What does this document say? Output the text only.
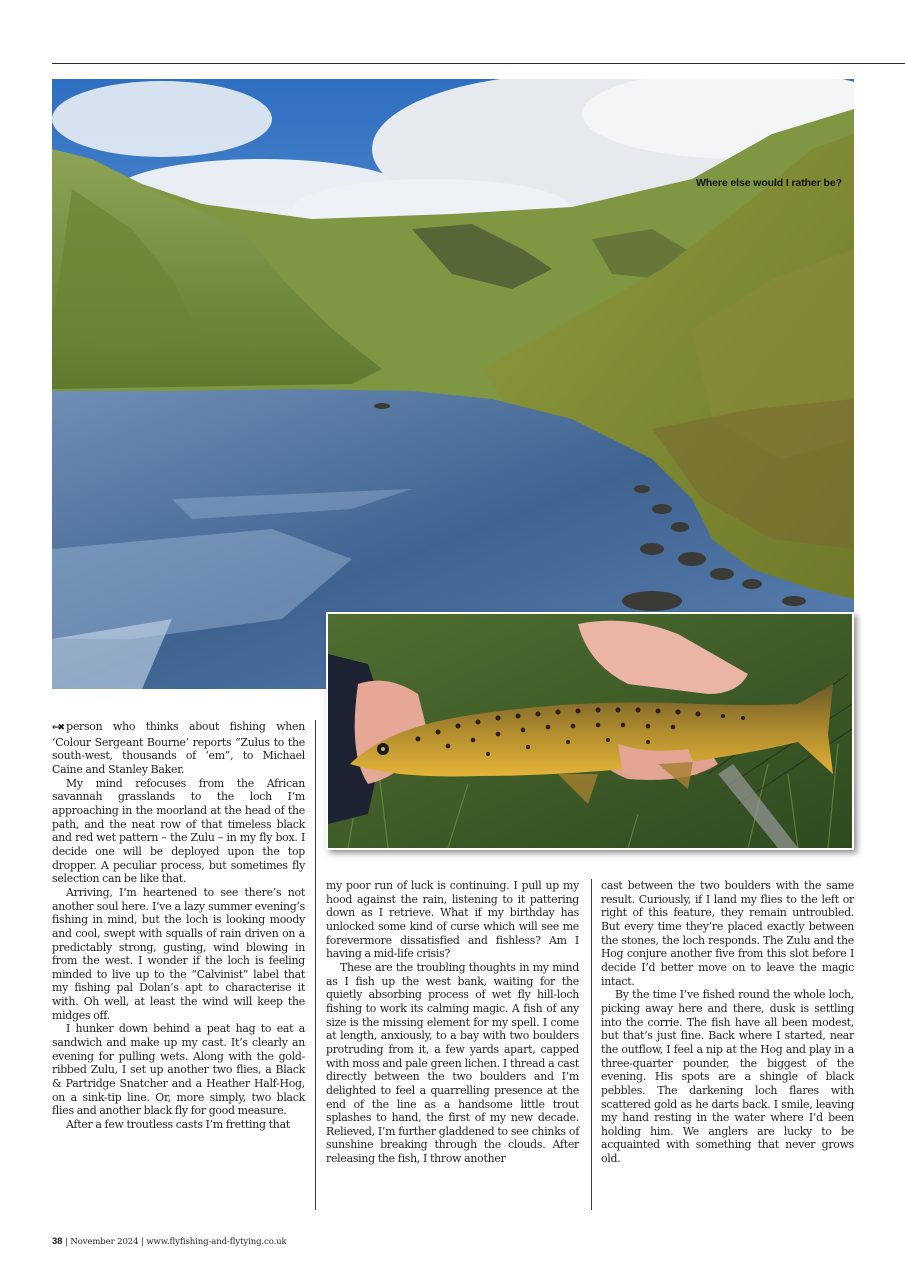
Where else would I rather be?

←✖ person who thinks about fishing when ‘Colour Sergeant Bourne’ reports “Zulus to the south-west, thousands of ‘em”, to Michael Caine and Stanley Baker.

My mind refocuses from the African savannah grasslands to the loch I’m approaching in the moorland at the head of the path, and the neat row of that timeless black and red wet pattern – the Zulu – in my fly box. I decide one will be deployed upon the top dropper. A peculiar process, but sometimes fly selection can be like that.

Arriving, I’m heartened to see there’s not another soul here. I’ve a lazy summer evening’s fishing in mind, but the loch is looking moody and cool, swept with squalls of rain driven on a predictably strong, gusting, wind blowing in from the west. I wonder if the loch is feeling minded to live up to the “Calvinist” label that my fishing pal Dolan’s apt to characterise it with. Oh well, at least the wind will keep the midges off.

I hunker down behind a peat hag to eat a sandwich and make up my cast. It’s clearly an evening for pulling wets. Along with the gold-ribbed Zulu, I set up another two flies, a Black & Partridge Snatcher and a Heather Half-Hog, on a sink-tip line. Or, more simply, two black flies and another black fly for good measure.

After a few troutless casts I’m fretting that

my poor run of luck is continuing. I pull up my hood against the rain, listening to it pattering down as I retrieve. What if my birthday has unlocked some kind of curse which will see me forevermore dissatisfied and fishless? Am I having a mid-life crisis?

These are the troubling thoughts in my mind as I fish up the west bank, waiting for the quietly absorbing process of wet fly hill-loch fishing to work its calming magic. A fish of any size is the missing element for my spell. I come at length, anxiously, to a bay with two boulders protruding from it, a few yards apart, capped with moss and pale green lichen. I thread a cast directly between the two boulders and I’m delighted to feel a quarrelling presence at the end of the line as a handsome little trout splashes to hand, the first of my new decade. Relieved, I’m further gladdened to see chinks of sunshine breaking through the clouds. After releasing the fish, I throw another

cast between the two boulders with the same result. Curiously, if I land my flies to the left or right of this feature, they remain untroubled. But every time they’re placed exactly between the stones, the loch responds. The Zulu and the Hog conjure another five from this slot before I decide I’d better move on to leave the magic intact.

By the time I’ve fished round the whole loch, picking away here and there, dusk is settling into the corrie. The fish have all been modest, but that’s just fine. Back where I started, near the outflow, I feel a nip at the Hog and play in a three-quarter pounder, the biggest of the evening. His spots are a shingle of black pebbles. The darkening loch flares with scattered gold as he darts back. I smile, leaving my hand resting in the water where I’d been holding him. We anglers are lucky to be acquainted with something that never grows old.

38 | November 2024 | www.flyfishing-and-flytying.co.uk
